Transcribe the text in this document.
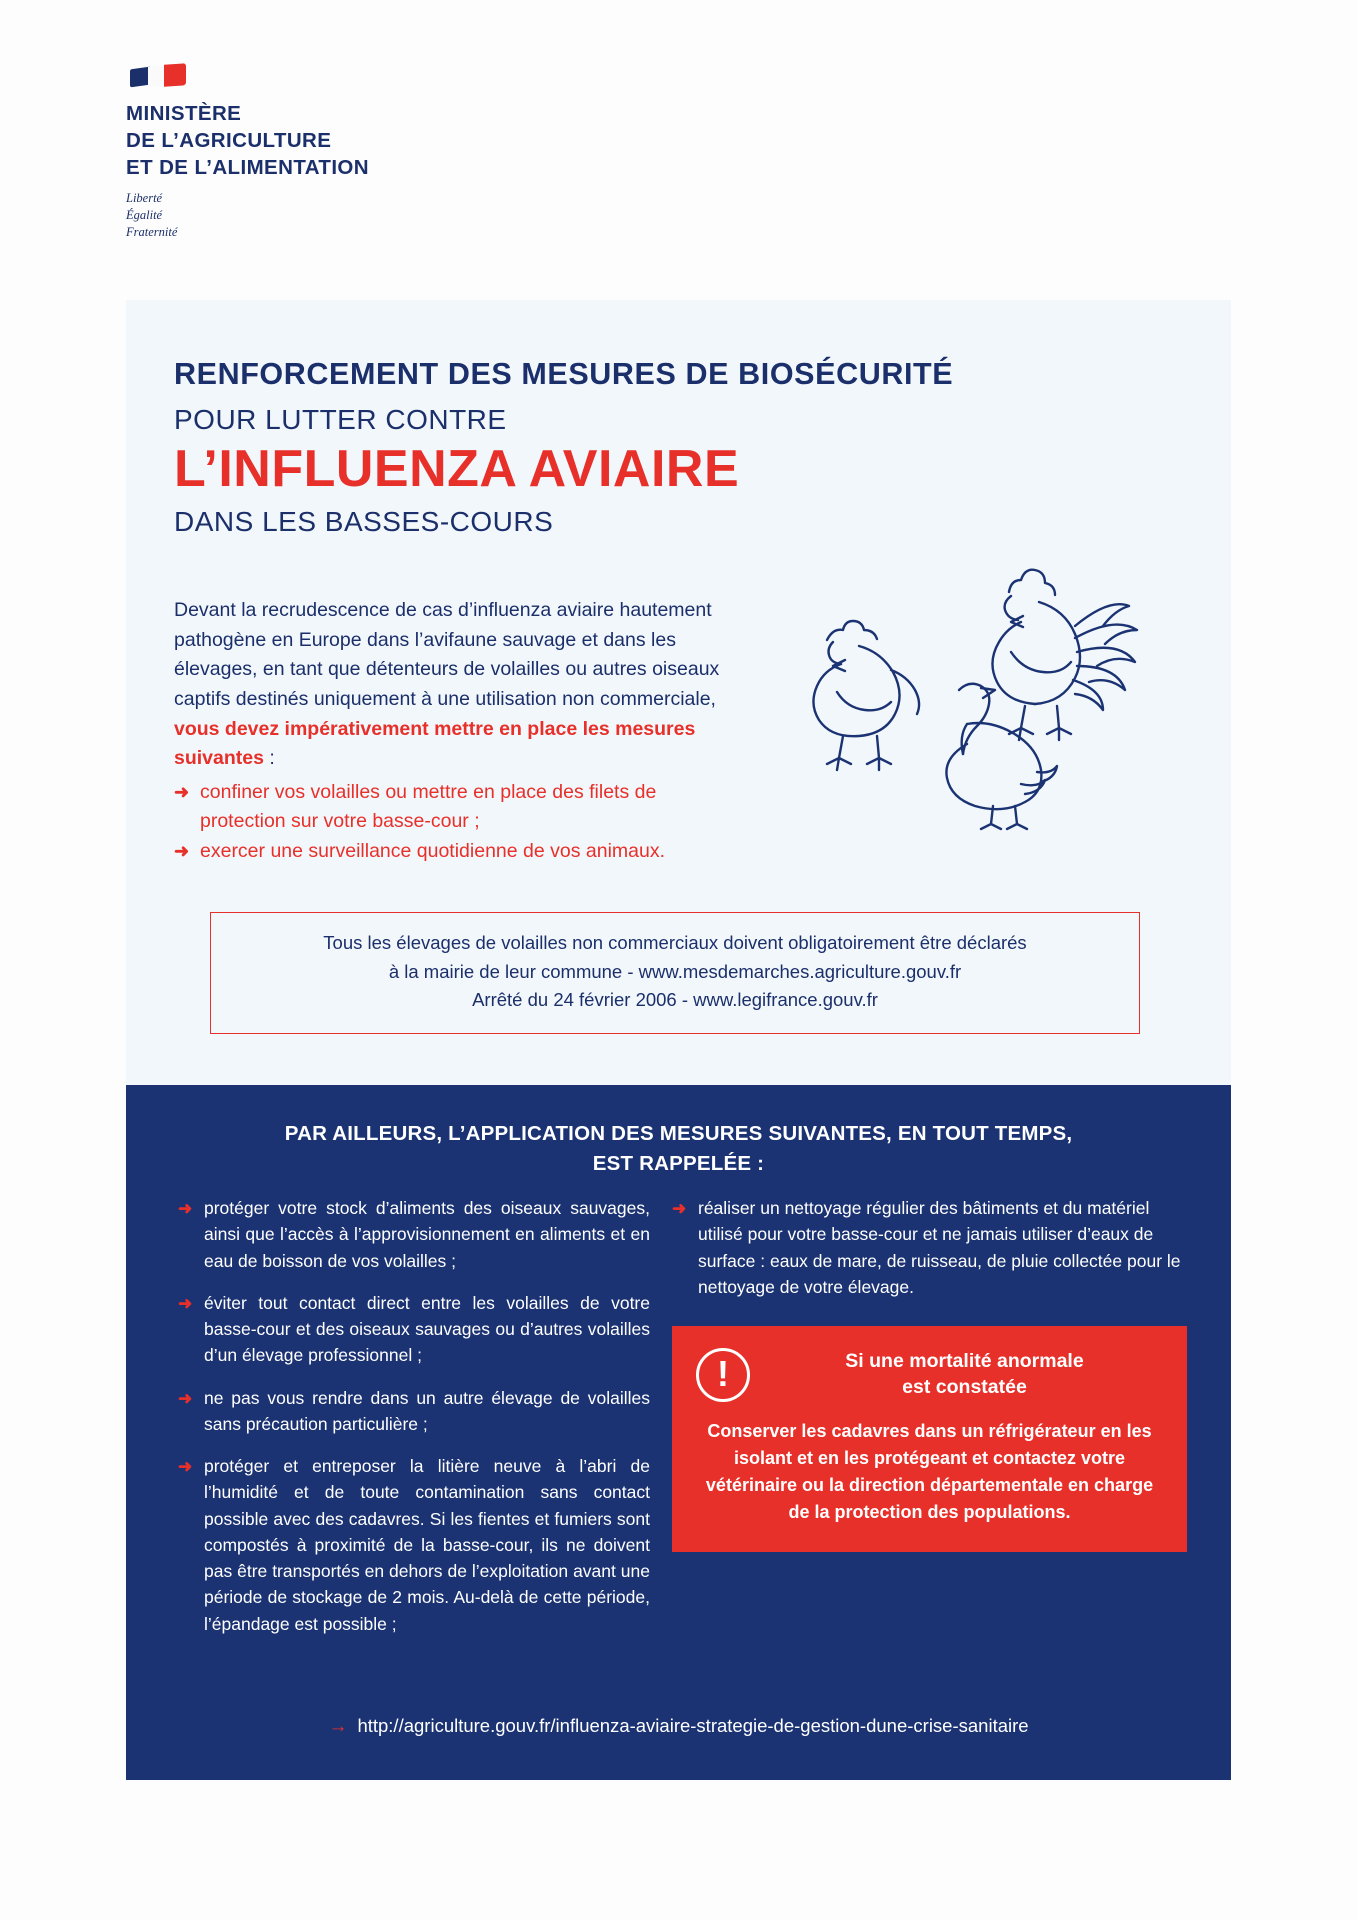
MINISTÈRE
DE L’AGRICULTURE
ET DE L’ALIMENTATION
Liberté
Égalité
Fraternité
RENFORCEMENT DES MESURES DE BIOSÉCURITÉ
POUR LUTTER CONTRE
L’INFLUENZA AVIAIRE
DANS LES BASSES-COURS
Devant la recrudescence de cas d’influenza aviaire hautement pathogène en Europe dans l’avifaune sauvage et dans les élevages, en tant que détenteurs de volailles ou autres oiseaux captifs destinés uniquement à une utilisation non commerciale, vous devez impérativement mettre en place les mesures suivantes :
➜ confiner vos volailles ou mettre en place des filets de protection sur votre basse-cour ;
➜ exercer une surveillance quotidienne de vos animaux.
Tous les élevages de volailles non commerciaux doivent obligatoirement être déclarés
à la mairie de leur commune - www.mesdemarches.agriculture.gouv.fr
Arrêté du 24 février 2006 - www.legifrance.gouv.fr
PAR AILLEURS, L’APPLICATION DES MESURES SUIVANTES, EN TOUT TEMPS,
EST RAPPELÉE :
➜ protéger votre stock d’aliments des oiseaux sauvages, ainsi que l’accès à l’approvisionnement en aliments et en eau de boisson de vos volailles ;
➜ éviter tout contact direct entre les volailles de votre basse-cour et des oiseaux sauvages ou d’autres volailles d’un élevage professionnel ;
➜ ne pas vous rendre dans un autre élevage de volailles sans précaution particulière ;
➜ protéger et entreposer la litière neuve à l’abri de l’humidité et de toute contamination sans contact possible avec des cadavres. Si les fientes et fumiers sont compostés à proximité de la basse-cour, ils ne doivent pas être transportés en dehors de l’exploitation avant une période de stockage de 2 mois. Au-delà de cette période, l’épandage est possible ;
➜ réaliser un nettoyage régulier des bâtiments et du matériel utilisé pour votre basse-cour et ne jamais utiliser d’eaux de surface : eaux de mare, de ruisseau, de pluie collectée pour le nettoyage de votre élevage.
!	Si une mortalité anormale
est constatée
Conserver les cadavres dans un réfrigérateur en les isolant et en les protégeant et contactez votre vétérinaire ou la direction départementale en charge de la protection des populations.
→ http://agriculture.gouv.fr/influenza-aviaire-strategie-de-gestion-dune-crise-sanitaire
